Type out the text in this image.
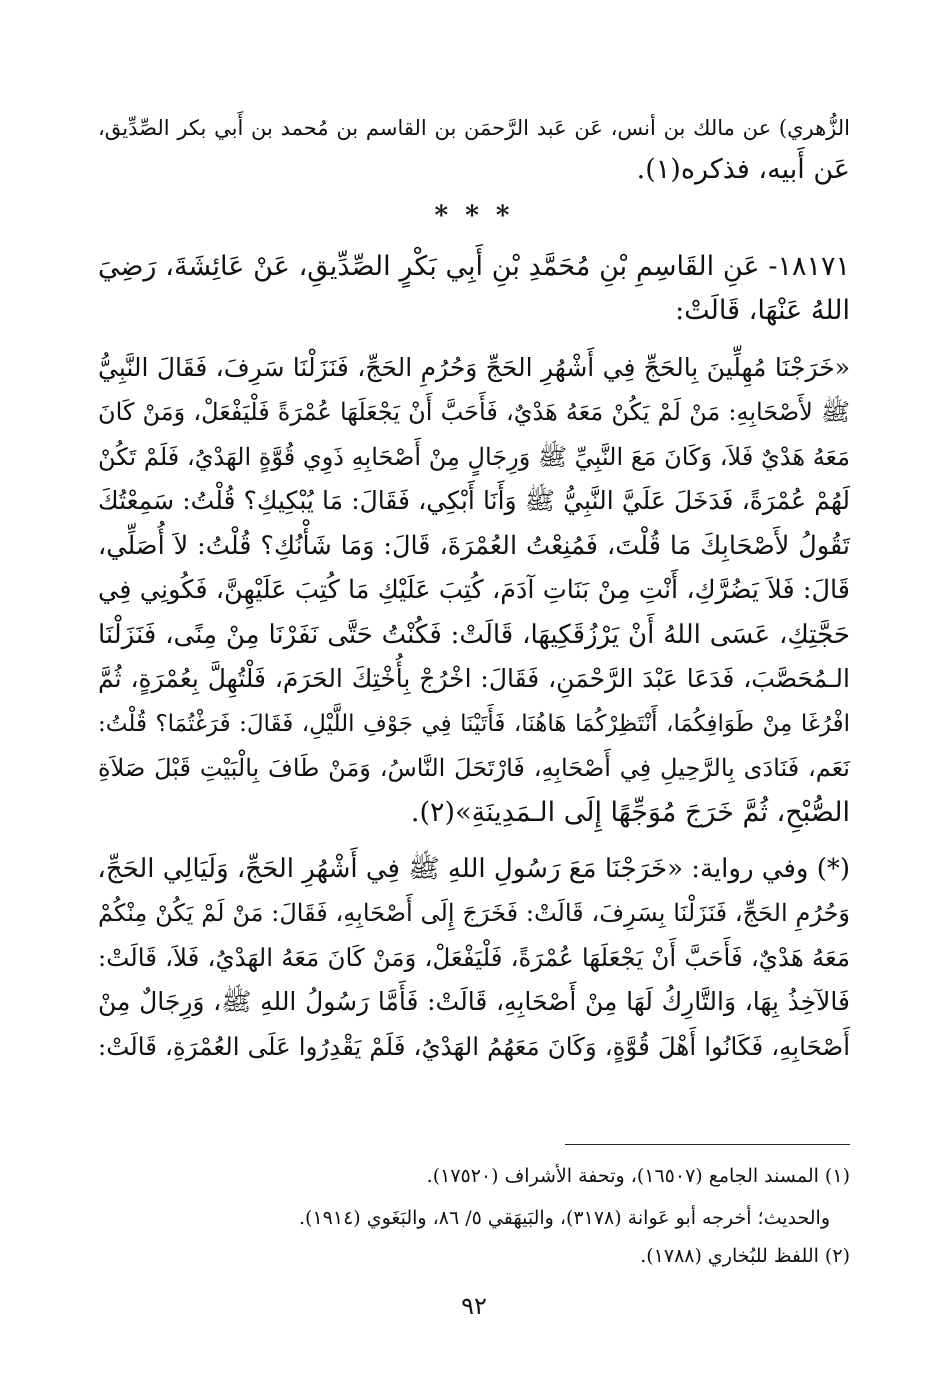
الزُّهري) عن مالك بن أنس، عَن عَبد الرَّحمَن بن القاسم بن مُحمد بن أَبي بكر الصِّدِّيق،
عَن أَبيه، فذكره(١).
* * *
١٨١٧١- عَنِ القَاسِمِ بْنِ مُحَمَّدِ بْنِ أَبِي بَكْرٍ الصِّدِّيقِ، عَنْ عَائِشَةَ، رَضِيَ
اللهُ عَنْهَا، قَالَتْ:
«خَرَجْنَا مُهِلِّينَ بِالحَجِّ فِي أَشْهُرِ الحَجِّ وَحُرُمِ الحَجِّ، فَنَزَلْنَا سَرِفَ، فَقَالَ النَّبِيُّ
ﷺ لأَصْحَابِهِ: مَنْ لَمْ يَكُنْ مَعَهُ هَدْيٌ، فَأَحَبَّ أَنْ يَجْعَلَهَا عُمْرَةً فَلْيَفْعَلْ، وَمَنْ كَانَ
مَعَهُ هَدْيٌ فَلاَ، وَكَانَ مَعَ النَّبِيِّ ﷺ وَرِجَالٍ مِنْ أَصْحَابِهِ ذَوِي قُوَّةٍ الهَدْيُ، فَلَمْ تَكُنْ
لَهُمْ عُمْرَةً، فَدَخَلَ عَلَيَّ النَّبِيُّ ﷺ وَأَنَا أَبْكِي، فَقَالَ: مَا يُبْكِيكِ؟ قُلْتُ: سَمِعْتُكَ
تَقُولُ لأَصْحَابِكَ مَا قُلْتَ، فَمُنِعْتُ العُمْرَةَ، قَالَ: وَمَا شَأْنُكِ؟ قُلْتُ: لاَ أُصَلِّي،
قَالَ: فَلاَ يَضُرَّكِ، أَنْتِ مِنْ بَنَاتِ آدَمَ، كُتِبَ عَلَيْكِ مَا كُتِبَ عَلَيْهِنَّ، فَكُونِي فِي
حَجَّتِكِ، عَسَى اللهُ أَنْ يَرْزُقَكِيهَا، قَالَتْ: فَكُنْتُ حَتَّى نَفَرْنَا مِنْ مِنًى، فَنَزَلْنَا
الـمُحَصَّبَ، فَدَعَا عَبْدَ الرَّحْمَنِ، فَقَالَ: اخْرُجْ بِأُخْتِكَ الحَرَمَ، فَلْتُهِلَّ بِعُمْرَةٍ، ثُمَّ
افْرُغَا مِنْ طَوَافِكُمَا، أَنْتَظِرْكُمَا هَاهُنَا، فَأَتَيْنَا فِي جَوْفِ اللَّيْلِ، فَقَالَ: فَرَغْتُمَا؟ قُلْتُ:
نَعَم، فَنَادَى بِالرَّحِيلِ فِي أَصْحَابِهِ، فَارْتَحَلَ النَّاسُ، وَمَنْ طَافَ بِالْبَيْتِ قَبْلَ صَلاَةِ
الصُّبْحِ، ثُمَّ خَرَجَ مُوَجِّهًا إِلَى الـمَدِينَةِ»(٢).
(*) وفي رواية: «خَرَجْنَا مَعَ رَسُولِ اللهِ ﷺ فِي أَشْهُرِ الحَجِّ، وَلَيَالِي الحَجِّ،
وَحُرُمِ الحَجِّ، فَنَزَلْنَا بِسَرِفَ، قَالَتْ: فَخَرَجَ إِلَى أَصْحَابِهِ، فَقَالَ: مَنْ لَمْ يَكُنْ مِنْكُمْ
مَعَهُ هَدْيٌ، فَأَحَبَّ أَنْ يَجْعَلَهَا عُمْرَةً، فَلْيَفْعَلْ، وَمَنْ كَانَ مَعَهُ الهَدْيُ، فَلاَ، قَالَتْ:
فَالآخِذُ بِهَا، وَالتَّارِكُ لَهَا مِنْ أَصْحَابِهِ، قَالَتْ: فَأَمَّا رَسُولُ اللهِ ﷺ، وَرِجَالٌ مِنْ
أَصْحَابِهِ، فَكَانُوا أَهْلَ قُوَّةٍ، وَكَانَ مَعَهُمُ الهَدْيُ، فَلَمْ يَقْدِرُوا عَلَى العُمْرَةِ، قَالَتْ:
(١) المسند الجامع (١٦٥٠٧)، وتحفة الأشراف (١٧٥٢٠).
والحديث؛ أخرجه أبو عَوانة (٣١٧٨)، والبَيهَقي ٥/ ٨٦، والبَغَوي (١٩١٤).
(٢) اللفظ للبُخاري (١٧٨٨).
٩٢
